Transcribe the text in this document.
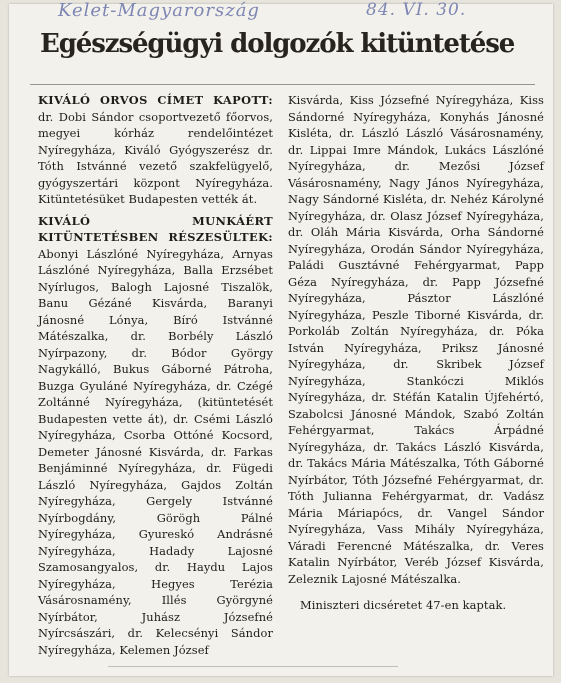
Kelet-Magyarország	84. VI. 30.
Egészségügyi dolgozók kitüntetése

KIVÁLÓ ORVOS CÍMET KAPOTT: dr. Dobi Sándor csoportvezető főorvos, megyei kórház rendelőintézet Nyíregyháza, Kiváló Gyógyszerész dr. Tóth Istvánné vezető szakfelügyelő, gyógyszertári központ Nyíregyháza. Kitüntetésüket Budapesten vették át.

KIVÁLÓ MUNKÁÉRT KITÜNTETÉSBEN RÉSZESÜLTEK: Abonyi Lászlóné Nyíregyháza, Arnyas Lászlóné Nyíregyháza, Balla Erzsébet Nyírlugos, Balogh Lajosné Tiszalök, Banu Gézáné Kisvárda, Baranyi Jánosné Lónya, Bíró Istvánné Mátészalka, dr. Borbély László Nyírpazony, dr. Bódor György Nagykálló, Bukus Gáborné Pátroha, Buzga Gyuláné Nyíregyháza, dr. Czégé Zoltánné Nyíregyháza, (kitüntetését Budapesten vette át), dr. Csémi László Nyíregyháza, Csorba Ottóné Kocsord, Demeter Jánosné Kisvárda, dr. Farkas Benjáminné Nyíregyháza, dr. Fügedi László Nyíregyháza, Gajdos Zoltán Nyíregyháza, Gergely Istvánné Nyírbogdány, Görögh Pálné Nyíregyháza, Gyureskó Andrásné Nyíregyháza, Hadady Lajosné Szamosangyalos, dr. Haydu Lajos Nyíregyháza, Hegyes Terézia Vásárosnamény, Illés Györgyné Nyírbátor, Juhász Józsefné Nyírcsászári, dr. Kelecsényi Sándor Nyíregyháza, Kelemen József

Kisvárda, Kiss Józsefné Nyíregyháza, Kiss Sándorné Nyíregyháza, Konyhás Jánosné Kisléta, dr. László László Vásárosnamény, dr. Lippai Imre Mándok, Lukács Lászlóné Nyíregyháza, dr. Mezősi József Vásárosnamény, Nagy János Nyíregyháza, Nagy Sándorné Kisléta, dr. Nehéz Károlyné Nyíregyháza, dr. Olasz József Nyíregyháza, dr. Oláh Mária Kisvárda, Orha Sándorné Nyíregyháza, Orodán Sándor Nyíregyháza, Paládi Gusztávné Fehérgyarmat, Papp Géza Nyíregyháza, dr. Papp Józsefné Nyíregyháza, Pásztor Lászlóné Nyíregyháza, Peszle Tiborné Kisvárda, dr. Porkoláb Zoltán Nyíregyháza, dr. Póka István Nyíregyháza, Priksz Jánosné Nyíregyháza, dr. Skribek József Nyíregyháza, Stankóczi Miklós Nyíregyháza, dr. Stéfán Katalin Újfehértó, Szabolcsi Jánosné Mándok, Szabó Zoltán Fehérgyarmat, Takács Árpádné Nyíregyháza, dr. Takács László Kisvárda, dr. Takács Mária Mátészalka, Tóth Gáborné Nyírbátor, Tóth Józsefné Fehérgyarmat, dr. Tóth Julianna Fehérgyarmat, dr. Vadász Mária Máriapócs, dr. Vangel Sándor Nyíregyháza, Vass Mihály Nyíregyháza, Váradi Ferencné Mátészalka, dr. Veres Katalin Nyírbátor, Veréb József Kisvárda, Zeleznik Lajosné Mátészalka.

Miniszteri dicséretet 47-en kaptak.
